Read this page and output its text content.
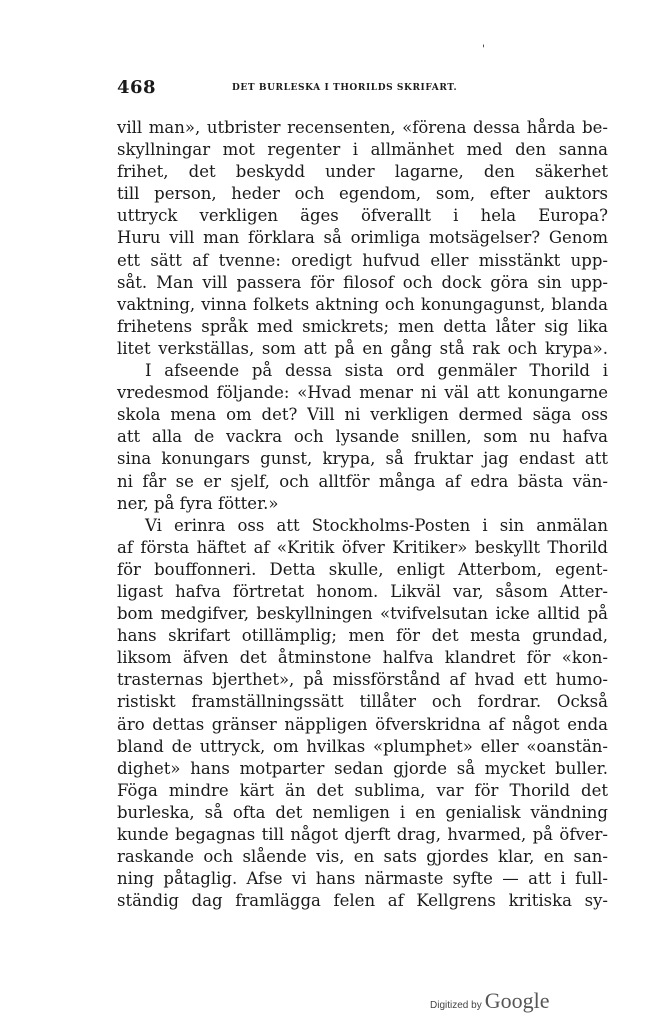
'
468	DET BURLESKA I THORILDS SKRIFART.
vill man», utbrister recensenten, «förena dessa hårda be-
skyllningar mot regenter i allmänhet med den sanna
frihet, det beskydd under lagarne, den säkerhet
till person, heder och egendom, som, efter auktors
uttryck verkligen äges öfverallt i hela Europa?
Huru vill man förklara så orimliga motsägelser? Genom
ett sätt af tvenne: oredigt hufvud eller misstänkt upp-
såt. Man vill passera för filosof och dock göra sin upp-
vaktning, vinna folkets aktning och konungagunst, blanda
frihetens språk med smickrets; men detta låter sig lika
litet verkställas, som att på en gång stå rak och krypa».
I afseende på dessa sista ord genmäler Thorild i
vredesmod följande: «Hvad menar ni väl att konungarne
skola mena om det? Vill ni verkligen dermed säga oss
att alla de vackra och lysande snillen, som nu hafva
sina konungars gunst, krypa, så fruktar jag endast att
ni får se er sjelf, och alltför många af edra bästa vän-
ner, på fyra fötter.»
Vi erinra oss att Stockholms-Posten i sin anmälan
af första häftet af «Kritik öfver Kritiker» beskyllt Thorild
för bouffonneri. Detta skulle, enligt Atterbom, egent-
ligast hafva förtretat honom. Likväl var, såsom Atter-
bom medgifver, beskyllningen «tvifvelsutan icke alltid på
hans skrifart otillämplig; men för det mesta grundad,
liksom äfven det åtminstone halfva klandret för «kon-
trasternas bjerthet», på missförstånd af hvad ett humo-
ristiskt framställningssätt tillåter och fordrar. Också
äro dettas gränser näppligen öfverskridna af något enda
bland de uttryck, om hvilkas «plumphet» eller «oanstän-
dighet» hans motparter sedan gjorde så mycket buller.
Föga mindre kärt än det sublima, var för Thorild det
burleska, så ofta det nemligen i en genialisk vändning
kunde begagnas till något djerft drag, hvarmed, på öfver-
raskande och slående vis, en sats gjordes klar, en san-
ning påtaglig. Afse vi hans närmaste syfte — att i full-
ständig dag framlägga felen af Kellgrens kritiska sy-
Digitized by Google
